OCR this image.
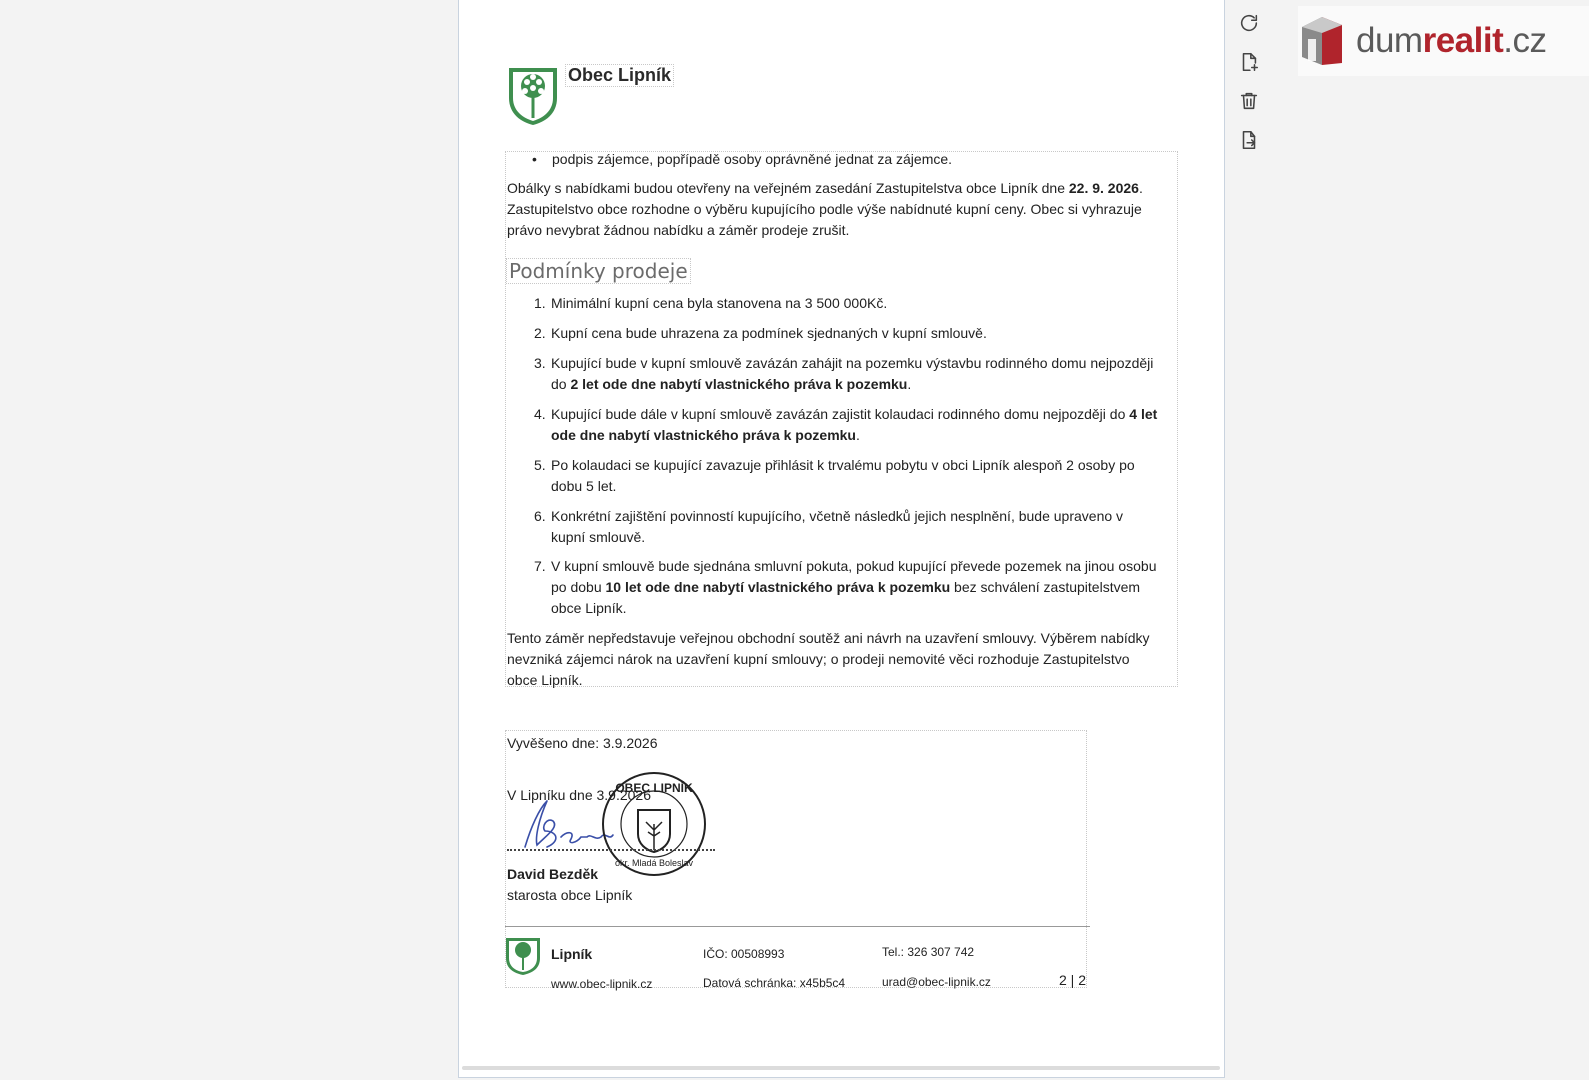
dumrealit.cz
Obec Lipník
• podpis zájemce, popřípadě osoby oprávněné jednat za zájemce.
Obálky s nabídkami budou otevřeny na veřejném zasedání Zastupitelstva obce Lipník dne 22. 9. 2026.
Zastupitelstvo obce rozhodne o výběru kupujícího podle výše nabídnuté kupní ceny. Obec si vyhrazuje
právo nevybrat žádnou nabídku a záměr prodeje zrušit.
Podmínky prodeje
1. Minimální kupní cena byla stanovena na 3 500 000Kč.
2. Kupní cena bude uhrazena za podmínek sjednaných v kupní smlouvě.
3. Kupující bude v kupní smlouvě zavázán zahájit na pozemku výstavbu rodinného domu nejpozději
do 2 let ode dne nabytí vlastnického práva k pozemku.
4. Kupující bude dále v kupní smlouvě zavázán zajistit kolaudaci rodinného domu nejpozději do 4 let ode dne nabytí vlastnického práva k pozemku.
5. Po kolaudaci se kupující zavazuje přihlásit k trvalému pobytu v obci Lipník alespoň 2 osoby po
dobu 5 let.
6. Konkrétní zajištění povinností kupujícího, včetně následků jejich nesplnění, bude upraveno v
kupní smlouvě.
7. V kupní smlouvě bude sjednána smluvní pokuta, pokud kupující převede pozemek na jinou osobu
po dobu 10 let ode dne nabytí vlastnického práva k pozemku bez schválení zastupitelstvem
obce Lipník.
Tento záměr nepředstavuje veřejnou obchodní soutěž ani návrh na uzavření smlouvy. Výběrem nabídky
nevzniká zájemci nárok na uzavření kupní smlouvy; o prodeji nemovité věci rozhoduje Zastupitelstvo
obce Lipník.
Vyvěšeno dne: 3.9.2026
V Lipníku dne 3.9.2026
OBEC LIPNÍK
okr. Mladá Boleslav
David Bezděk
starosta obce Lipník
Lipník
www.obec-lipnik.cz
IČO: 00508993
Datová schránka: x45b5c4
Tel.: 326 307 742
urad@obec-lipnik.cz	2 | 2
